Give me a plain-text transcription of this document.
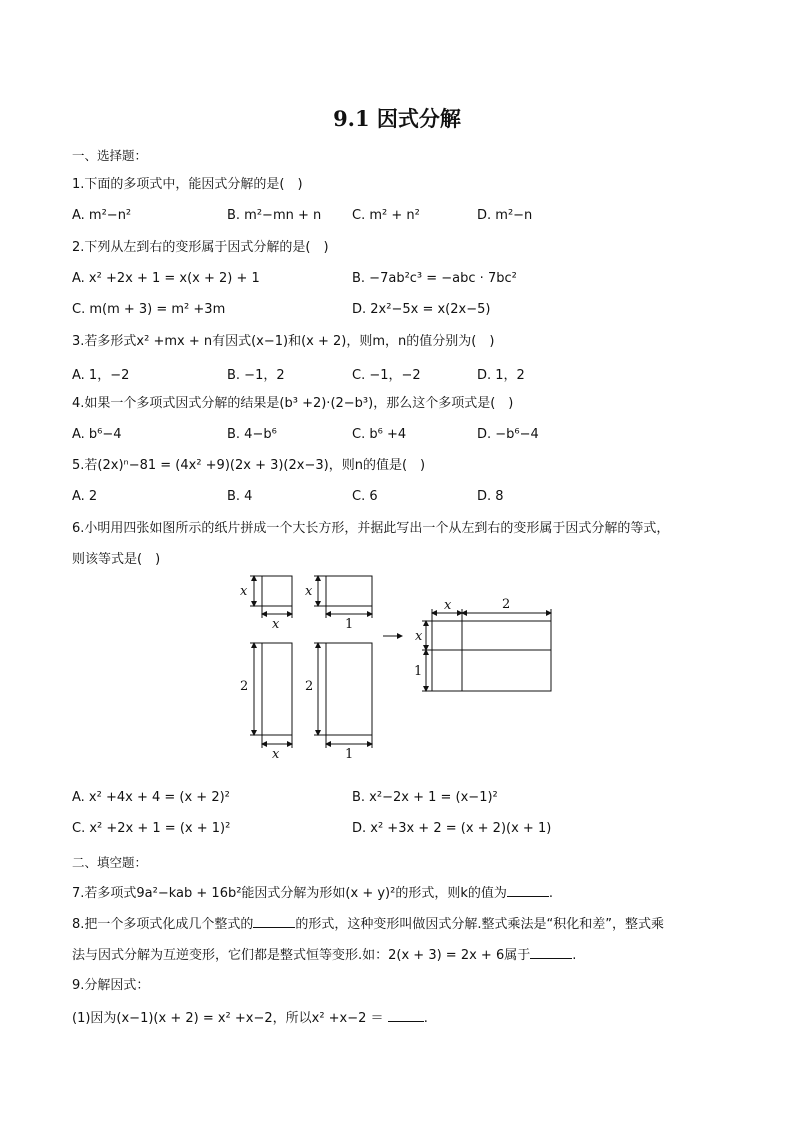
9.1 因式分解
一、选择题：
1.下面的多项式中，能因式分解的是(　)
A. m²−n²	B. m²−mn + n C. m² + n²	D. m²−n
2.下列从左到右的变形属于因式分解的是(　)
A. x² +2x + 1 = x(x + 2) + 1	B. −7ab²c³ = −abc · 7bc²
C. m(m + 3) = m² +3m	D. 2x²−5x = x(2x−5)
3.若多形式x² +mx + n有因式(x−1)和(x + 2)，则m，n的值分别为(　)
A. 1，−2	B. −1，2	C. −1，−2	D. 1，2
4.如果一个多项式因式分解的结果是(b³ +2)·(2−b³)，那么这个多项式是(　)
A. b⁶−4	B. 4−b⁶	C. b⁶ +4	D. −b⁶−4
5.若(2x)ⁿ−81 = (4x² +9)(2x + 3)(2x−3)，则n的值是(　)
A. 2	B. 4	C. 6	D. 8
6.小明用四张如图所示的纸片拼成一个大长方形，并据此写出一个从左到右的变形属于因式分解的等式，
则该等式是(　)
x
x
x
1
2
x
2
1
x	2
x
1
A. x² +4x + 4 = (x + 2)²	B. x²−2x + 1 = (x−1)²
C. x² +2x + 1 = (x + 1)²	D. x² +3x + 2 = (x + 2)(x + 1)
二、填空题：
7.若多项式9a²−kab + 16b²能因式分解为形如(x + y)²的形式，则k的值为	.
8.把一个多项式化成几个整式的	的形式，这种变形叫做因式分解.整式乘法是“积化和差”，整式乘
法与因式分解为互逆变形，它们都是整式恒等变形.如：2(x + 3) = 2x + 6属于	.
9.分解因式：
(1)因为(x−1)(x + 2) = x² +x−2，所以x² +x−2 ＝	.
